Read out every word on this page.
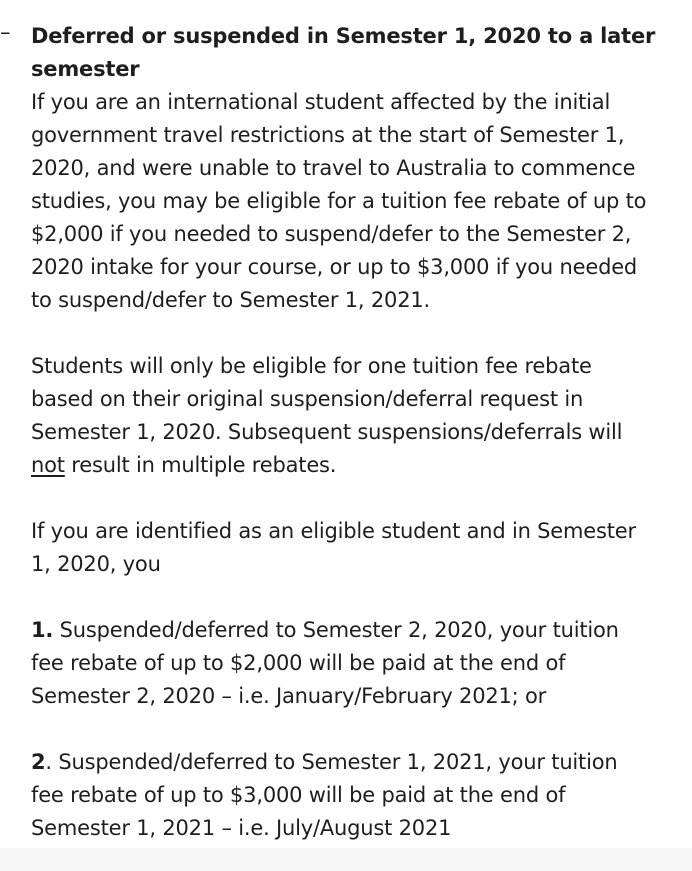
– Deferred or suspended in Semester 1, 2020 to a later
semester

If you are an international student affected by the initial
government travel restrictions at the start of Semester 1,
2020, and were unable to travel to Australia to commence
studies, you may be eligible for a tuition fee rebate of up to
$2,000 if you needed to suspend/defer to the Semester 2,
2020 intake for your course, or up to $3,000 if you needed
to suspend/defer to Semester 1, 2021.

Students will only be eligible for one tuition fee rebate
based on their original suspension/deferral request in
Semester 1, 2020. Subsequent suspensions/deferrals will
not result in multiple rebates.

If you are identified as an eligible student and in Semester
1, 2020, you

1. Suspended/deferred to Semester 2, 2020, your tuition
fee rebate of up to $2,000 will be paid at the end of
Semester 2, 2020 – i.e. January/February 2021; or

2. Suspended/deferred to Semester 1, 2021, your tuition
fee rebate of up to $3,000 will be paid at the end of
Semester 1, 2021 – i.e. July/August 2021
